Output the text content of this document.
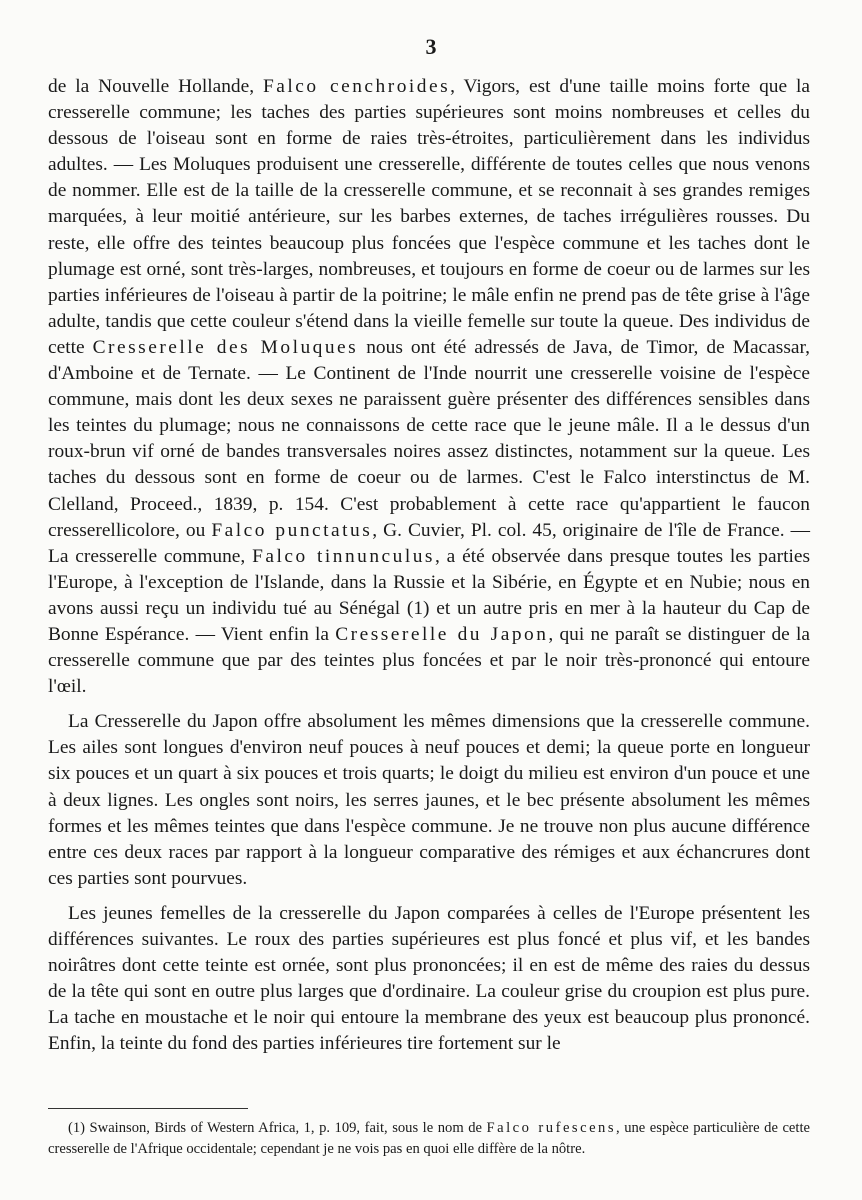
3

de la Nouvelle Hollande, Falco cenchroides, Vigors, est d'une taille moins forte que la cresserelle commune; les taches des parties supérieures sont moins nombreuses et celles du dessous de l'oiseau sont en forme de raies très-étroites, particulièrement dans les individus adultes. — Les Moluques produisent une cresserelle, différente de toutes celles que nous venons de nommer. Elle est de la taille de la cresserelle commune, et se reconnait à ses grandes remiges marquées, à leur moitié antérieure, sur les barbes externes, de taches irrégulières rousses. Du reste, elle offre des teintes beaucoup plus foncées que l'espèce commune et les taches dont le plumage est orné, sont très-larges, nombreuses, et toujours en forme de coeur ou de larmes sur les parties inférieures de l'oiseau à partir de la poitrine; le mâle enfin ne prend pas de tête grise à l'âge adulte, tandis que cette couleur s'étend dans la vieille femelle sur toute la queue. Des individus de cette Cresserelle des Moluques nous ont été adressés de Java, de Timor, de Macassar, d'Amboine et de Ternate. — Le Continent de l'Inde nourrit une cresserelle voisine de l'espèce commune, mais dont les deux sexes ne paraissent guère présenter des différences sensibles dans les teintes du plumage; nous ne connaissons de cette race que le jeune mâle. Il a le dessus d'un roux-brun vif orné de bandes transversales noires assez distinctes, notamment sur la queue. Les taches du dessous sont en forme de coeur ou de larmes. C'est le Falco interstinctus de M. Clelland, Proceed., 1839, p. 154. C'est probablement à cette race qu'appartient le faucon cresserellicolore, ou Falco punctatus, G. Cuvier, Pl. col. 45, originaire de l'île de France. — La cresserelle commune, Falco tinnunculus, a été observée dans presque toutes les parties l'Europe, à l'exception de l'Islande, dans la Russie et la Sibérie, en Égypte et en Nubie; nous en avons aussi reçu un individu tué au Sénégal (1) et un autre pris en mer à la hauteur du Cap de Bonne Espérance. — Vient enfin la Cresserelle du Japon, qui ne paraît se distinguer de la cresserelle commune que par des teintes plus foncées et par le noir très-prononcé qui entoure l'œil.

La Cresserelle du Japon offre absolument les mêmes dimensions que la cresserelle commune. Les ailes sont longues d'environ neuf pouces à neuf pouces et demi; la queue porte en longueur six pouces et un quart à six pouces et trois quarts; le doigt du milieu est environ d'un pouce et une à deux lignes. Les ongles sont noirs, les serres jaunes, et le bec présente absolument les mêmes formes et les mêmes teintes que dans l'espèce commune. Je ne trouve non plus aucune différence entre ces deux races par rapport à la longueur comparative des rémiges et aux échancrures dont ces parties sont pourvues.

Les jeunes femelles de la cresserelle du Japon comparées à celles de l'Europe présentent les différences suivantes. Le roux des parties supérieures est plus foncé et plus vif, et les bandes noirâtres dont cette teinte est ornée, sont plus prononcées; il en est de même des raies du dessus de la tête qui sont en outre plus larges que d'ordinaire. La couleur grise du croupion est plus pure. La tache en moustache et le noir qui entoure la membrane des yeux est beaucoup plus prononcé. Enfin, la teinte du fond des parties inférieures tire fortement sur le

(1) Swainson, Birds of Western Africa, 1, p. 109, fait, sous le nom de Falco rufescens, une espèce particulière de cette cresserelle de l'Afrique occidentale; cependant je ne vois pas en quoi elle diffère de la nôtre.
